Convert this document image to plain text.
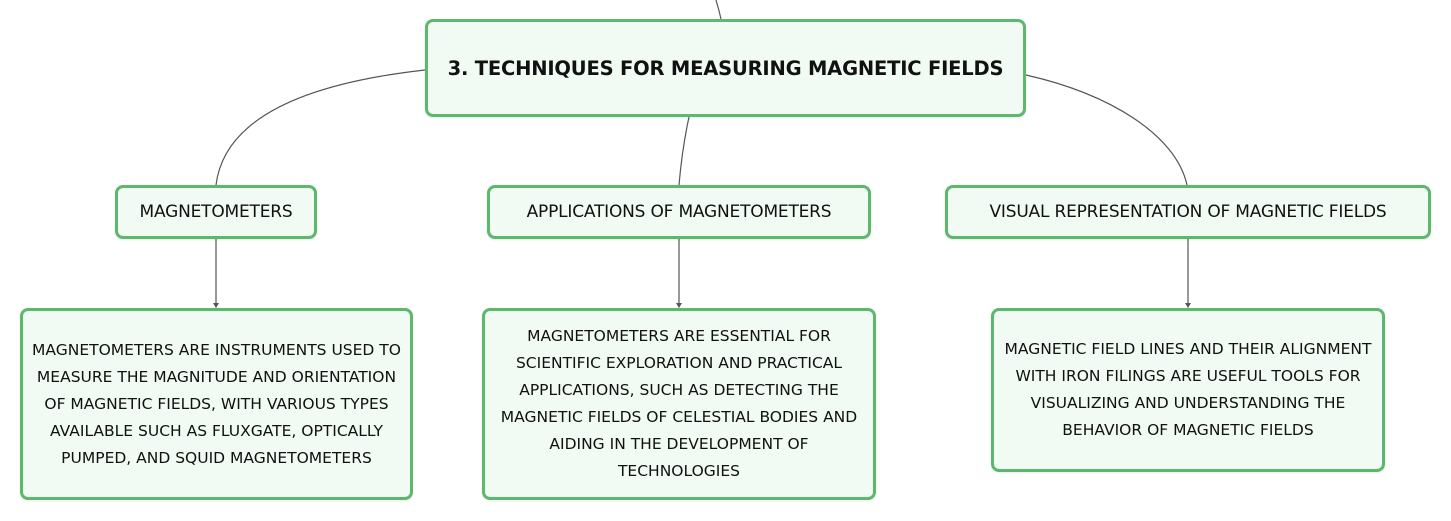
3. TECHNIQUES FOR MEASURING MAGNETIC FIELDS
MAGNETOMETERS	APPLICATIONS OF MAGNETOMETERS	VISUAL REPRESENTATION OF MAGNETIC FIELDS
MAGNETOMETERS ARE INSTRUMENTS USED TO MEASURE THE MAGNITUDE AND ORIENTATION OF MAGNETIC FIELDS, WITH VARIOUS TYPES AVAILABLE SUCH AS FLUXGATE, OPTICALLY PUMPED, AND SQUID MAGNETOMETERS
MAGNETOMETERS ARE ESSENTIAL FOR SCIENTIFIC EXPLORATION AND PRACTICAL APPLICATIONS, SUCH AS DETECTING THE MAGNETIC FIELDS OF CELESTIAL BODIES AND AIDING IN THE DEVELOPMENT OF TECHNOLOGIES
MAGNETIC FIELD LINES AND THEIR ALIGNMENT WITH IRON FILINGS ARE USEFUL TOOLS FOR VISUALIZING AND UNDERSTANDING THE BEHAVIOR OF MAGNETIC FIELDS
